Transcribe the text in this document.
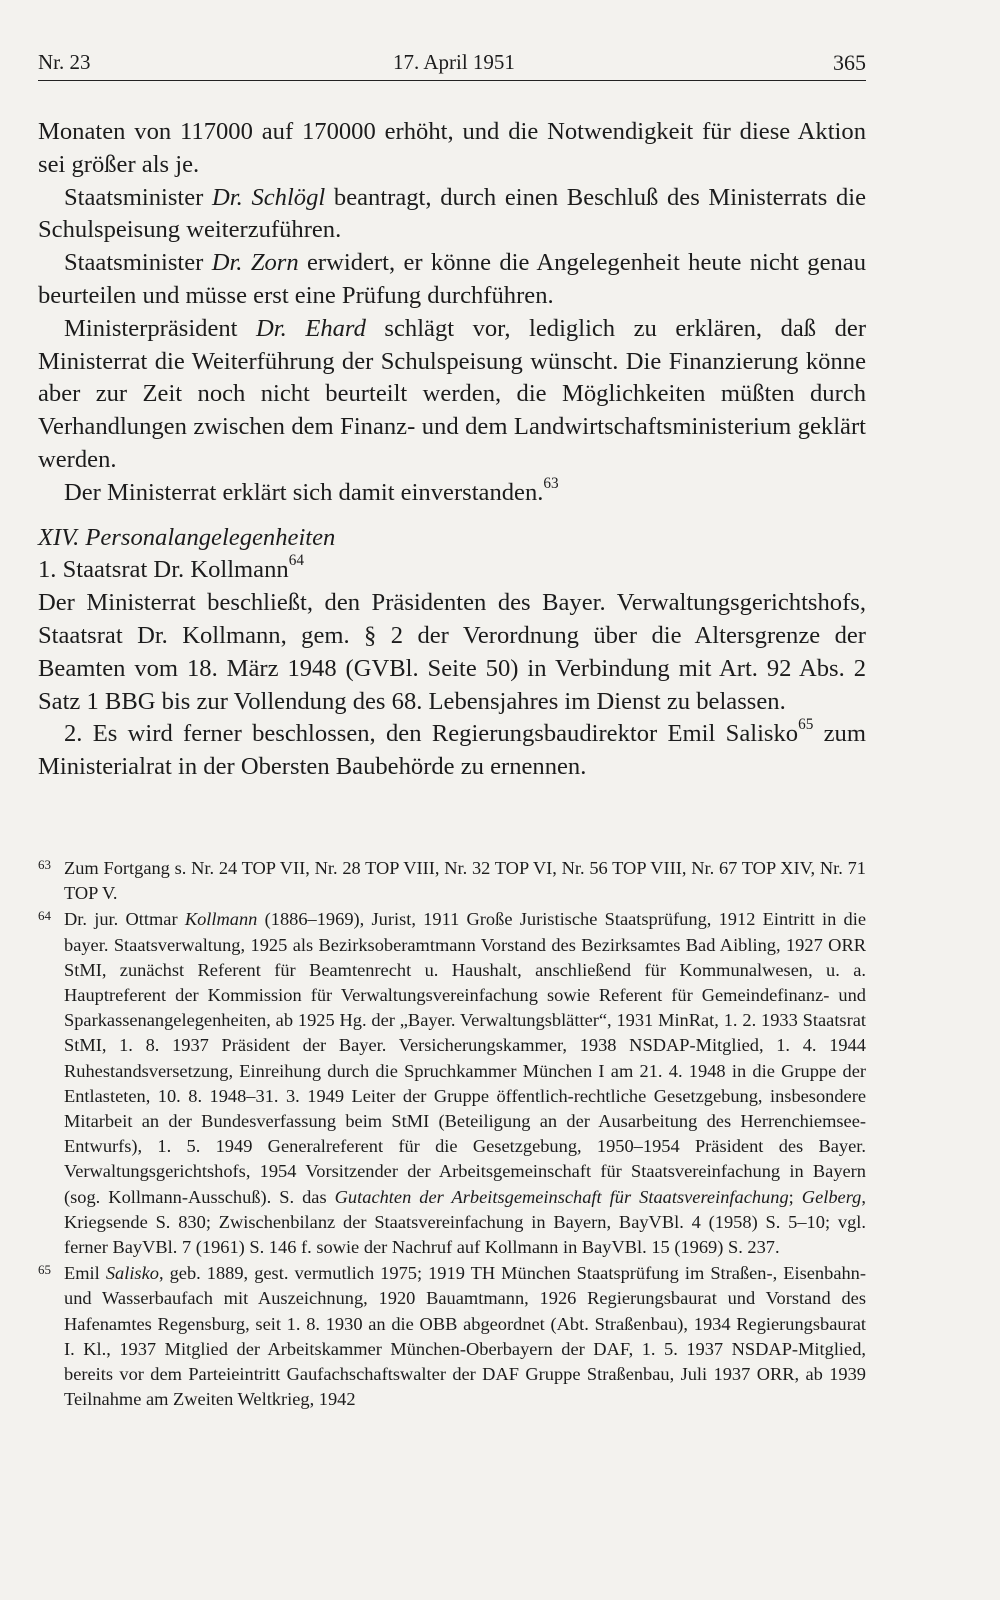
Nr. 23	17. April 1951	365

Monaten von 117000 auf 170000 erhöht, und die Notwendigkeit für diese Aktion sei größer als je.

Staatsminister Dr. Schlögl beantragt, durch einen Beschluß des Ministerrats die Schulspeisung weiterzuführen.

Staatsminister Dr. Zorn erwidert, er könne die Angelegenheit heute nicht genau beurteilen und müsse erst eine Prüfung durchführen.

Ministerpräsident Dr. Ehard schlägt vor, lediglich zu erklären, daß der Ministerrat die Weiterführung der Schulspeisung wünscht. Die Finanzierung könne aber zur Zeit noch nicht beurteilt werden, die Möglichkeiten müßten durch Verhandlungen zwischen dem Finanz- und dem Landwirtschaftsministerium geklärt werden.

Der Ministerrat erklärt sich damit einverstanden.$^{63}$

XIV. Personalangelegenheiten

1. Staatsrat Dr. Kollmann$^{64}$

Der Ministerrat beschließt, den Präsidenten des Bayer. Verwaltungsgerichtshofs, Staatsrat Dr. Kollmann, gem. § 2 der Verordnung über die Altersgrenze der Beamten vom 18. März 1948 (GVBl. Seite 50) in Verbindung mit Art. 92 Abs. 2 Satz 1 BBG bis zur Vollendung des 68. Lebensjahres im Dienst zu belassen.

2. Es wird ferner beschlossen, den Regierungsbaudirektor Emil Salisko$^{65}$ zum Ministerialrat in der Obersten Baubehörde zu ernennen.

63 Zum Fortgang s. Nr. 24 TOP VII, Nr. 28 TOP VIII, Nr. 32 TOP VI, Nr. 56 TOP VIII, Nr. 67 TOP XIV, Nr. 71 TOP V.

64 Dr. jur. Ottmar Kollmann (1886–1969), Jurist, 1911 Große Juristische Staatsprüfung, 1912 Eintritt in die bayer. Staatsverwaltung, 1925 als Bezirksoberamtmann Vorstand des Bezirksamtes Bad Aibling, 1927 ORR StMI, zunächst Referent für Beamtenrecht u. Haushalt, anschließend für Kommunalwesen, u. a. Hauptreferent der Kommission für Verwaltungsvereinfachung sowie Referent für Gemeindefinanz- und Sparkassenangelegenheiten, ab 1925 Hg. der „Bayer. Verwaltungsblätter“, 1931 MinRat, 1. 2. 1933 Staatsrat StMI, 1. 8. 1937 Präsident der Bayer. Versicherungskammer, 1938 NSDAP-Mitglied, 1. 4. 1944 Ruhestandsversetzung, Einreihung durch die Spruchkammer München I am 21. 4. 1948 in die Gruppe der Entlasteten, 10. 8. 1948–31. 3. 1949 Leiter der Gruppe öffentlich-rechtliche Gesetzgebung, insbesondere Mitarbeit an der Bundesverfassung beim StMI (Beteiligung an der Ausarbeitung des Herrenchiemsee-Entwurfs), 1. 5. 1949 Generalreferent für die Gesetzgebung, 1950–1954 Präsident des Bayer. Verwaltungsgerichtshofs, 1954 Vorsitzender der Arbeitsgemeinschaft für Staatsvereinfachung in Bayern (sog. Kollmann-Ausschuß). S. das Gutachten der Arbeitsgemeinschaft für Staatsvereinfachung; Gelberg, Kriegsende S. 830; Zwischenbilanz der Staatsvereinfachung in Bayern, BayVBl. 4 (1958) S. 5–10; vgl. ferner BayVBl. 7 (1961) S. 146 f. sowie der Nachruf auf Kollmann in BayVBl. 15 (1969) S. 237.

65 Emil Salisko, geb. 1889, gest. vermutlich 1975; 1919 TH München Staatsprüfung im Straßen-, Eisenbahn- und Wasserbaufach mit Auszeichnung, 1920 Bauamtmann, 1926 Regierungsbaurat und Vorstand des Hafenamtes Regensburg, seit 1. 8. 1930 an die OBB abgeordnet (Abt. Straßenbau), 1934 Regierungsbaurat I. Kl., 1937 Mitglied der Arbeitskammer München-Oberbayern der DAF, 1. 5. 1937 NSDAP-Mitglied, bereits vor dem Parteieintritt Gaufachschaftswalter der DAF Gruppe Straßenbau, Juli 1937 ORR, ab 1939 Teilnahme am Zweiten Weltkrieg, 1942
